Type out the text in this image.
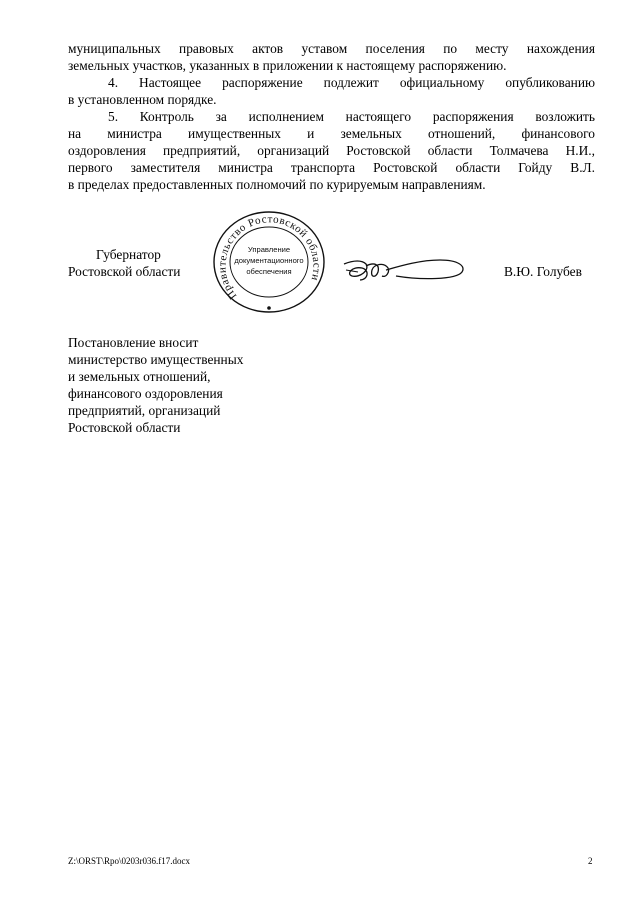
муниципальных правовых актов уставом поселения по месту нахождения
земельных участков, указанных в приложении к настоящему распоряжению.
4. Настоящее распоряжение подлежит официальному опубликованию
в установленном порядке.
5. Контроль за исполнением настоящего распоряжения возложить
на министра имущественных и земельных отношений, финансового
оздоровления предприятий, организаций Ростовской области Толмачева Н.И.,
первого заместителя министра транспорта Ростовской области Гойду В.Л.
в пределах предоставленных полномочий по курируемым направлениям.
Губернатор
Ростовской области	В.Ю. Голубев
Правительство Ростовской области
Управление
документационного
обеспечения
Постановление вносит
министерство имущественных
и земельных отношений,
финансового оздоровления
предприятий, организаций
Ростовской области
Z:\ORST\Rpo\0203r036.f17.docx	2
